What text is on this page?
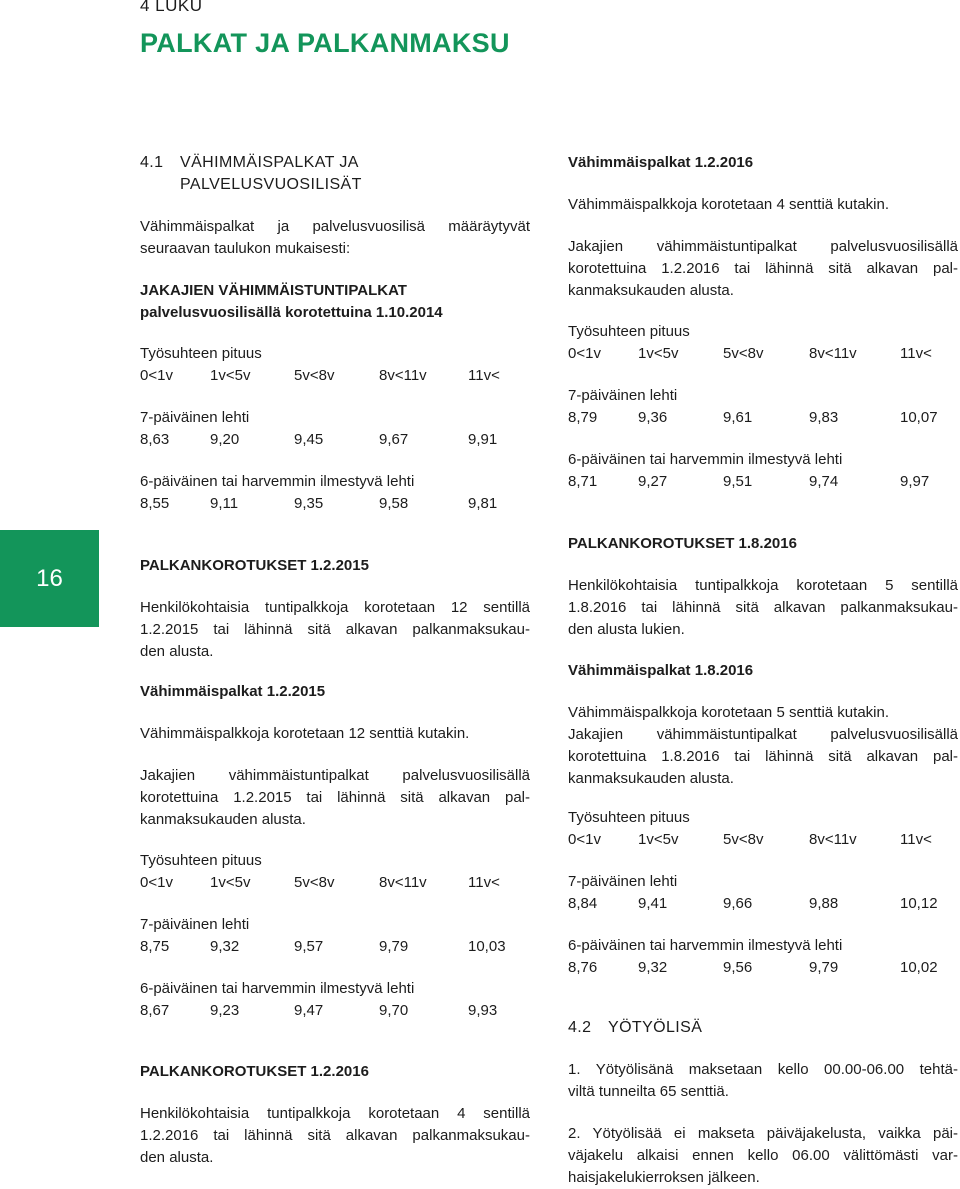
4 LUKU

PALKAT JA PALKANMAKSU
16
4.1 VÄHIMMÄISPALKAT JA
PALVELUSVUOSILISÄT
Vähimmäispalkat ja palvelusvuosilisä määräytyvät
seuraavan taulukon mukaisesti:
JAKAJIEN VÄHIMMÄISTUNTIPALKAT
palvelusvuosilisällä korotettuina 1.10.2014
Työsuhteen pituus
0<1v 1v<5v	5v<8v	8v<11v	11v<
7-päiväinen lehti
8,63	9,20	9,45	9,67	9,91
6-päiväinen tai harvemmin ilmestyvä lehti
8,55	9,11	9,35	9,58	9,81
PALKANKOROTUKSET 1.2.2015
Henkilökohtaisia tuntipalkkoja korotetaan 12 sentillä
1.2.2015 tai lähinnä sitä alkavan palkanmaksukau-
den alusta.
Vähimmäispalkat 1.2.2015
Vähimmäispalkkoja korotetaan 12 senttiä kutakin.
Jakajien vähimmäistuntipalkat palvelusvuosilisällä
korotettuina 1.2.2015 tai lähinnä sitä alkavan pal-
kanmaksukauden alusta.
Työsuhteen pituus
0<1v 1v<5v	5v<8v	8v<11v	11v<
7-päiväinen lehti
8,75	9,32	9,57	9,79	10,03
6-päiväinen tai harvemmin ilmestyvä lehti
8,67	9,23	9,47	9,70	9,93
PALKANKOROTUKSET 1.2.2016
Henkilökohtaisia tuntipalkkoja korotetaan 4 sentillä
1.2.2016 tai lähinnä sitä alkavan palkanmaksukau-
den alusta.
Vähimmäispalkat 1.2.2016
Vähimmäispalkkoja korotetaan 4 senttiä kutakin.
Jakajien vähimmäistuntipalkat palvelusvuosilisällä
korotettuina 1.2.2016 tai lähinnä sitä alkavan pal-
kanmaksukauden alusta.
Työsuhteen pituus
0<1v 1v<5v	5v<8v	8v<11v	11v<
7-päiväinen lehti
8,79	9,36	9,61	9,83	10,07
6-päiväinen tai harvemmin ilmestyvä lehti
8,71	9,27	9,51	9,74	9,97
PALKANKOROTUKSET 1.8.2016
Henkilökohtaisia tuntipalkkoja korotetaan 5 sentillä
1.8.2016 tai lähinnä sitä alkavan palkanmaksukau-
den alusta lukien.
Vähimmäispalkat 1.8.2016
Vähimmäispalkkoja korotetaan 5 senttiä kutakin.
Jakajien vähimmäistuntipalkat palvelusvuosilisällä
korotettuina 1.8.2016 tai lähinnä sitä alkavan pal-
kanmaksukauden alusta.
Työsuhteen pituus
0<1v 1v<5v	5v<8v	8v<11v	11v<
7-päiväinen lehti
8,84	9,41	9,66	9,88	10,12
6-päiväinen tai harvemmin ilmestyvä lehti
8,76	9,32	9,56	9,79	10,02
4.2 YÖTYÖLISÄ
1. Yötyölisänä maksetaan kello 00.00-06.00 tehtä-
viltä tunneilta 65 senttiä.
2. Yötyölisää ei makseta päiväjakelusta, vaikka päi-
väjakelu alkaisi ennen kello 06.00 välittömästi var-
haisjakelukierroksen jälkeen.
